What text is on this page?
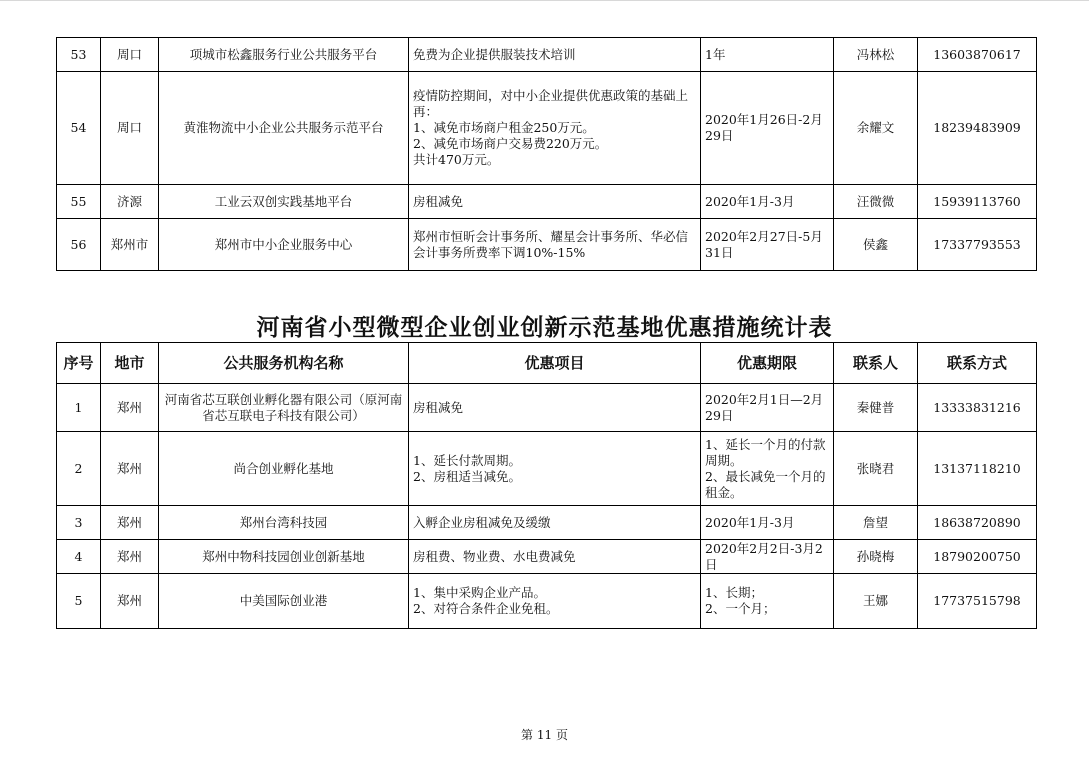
53	周口	项城市松鑫服务行业公共服务平台	免费为企业提供服装技术培训	1年	冯林松	13603870617
54	周口	黄淮物流中小企业公共服务示范平台	疫情防控期间，对中小企业提供优惠政策的基础上再：
1、减免市场商户租金250万元。
2、减免市场商户交易费220万元。
共计470万元。	2020年1月26日-2月29日	余耀文	18239483909
55	济源	工业云双创实践基地平台	房租减免	2020年1月-3月	汪微微	15939113760
56	郑州市	郑州市中小企业服务中心	郑州市恒昕会计事务所、耀星会计事务所、华必信会计事务所费率下调10%-15%	2020年2月27日-5月31日	侯鑫	17337793553
河南省小型微型企业创业创新示范基地优惠措施统计表
序号	地市	公共服务机构名称	优惠项目	优惠期限	联系人	联系方式
1	郑州	河南省芯互联创业孵化器有限公司（原河南省芯互联电子科技有限公司）	房租减免	2020年2月1日—2月29日	秦健普	13333831216
2	郑州	尚合创业孵化基地	1、延长付款周期。
2、房租适当减免。	1、延长一个月的付款周期。
2、最长减免一个月的租金。	张晓君	13137118210
3	郑州	郑州台湾科技园	入孵企业房租减免及缓缴	2020年1月-3月	詹望	18638720890
4	郑州	郑州中物科技园创业创新基地	房租费、物业费、水电费减免	2020年2月2日-3月2日	孙晓梅	18790200750
5	郑州	中美国际创业港	1、集中采购企业产品。
2、对符合条件企业免租。	1、长期；
2、一个月；	王娜	17737515798
第 11 页
